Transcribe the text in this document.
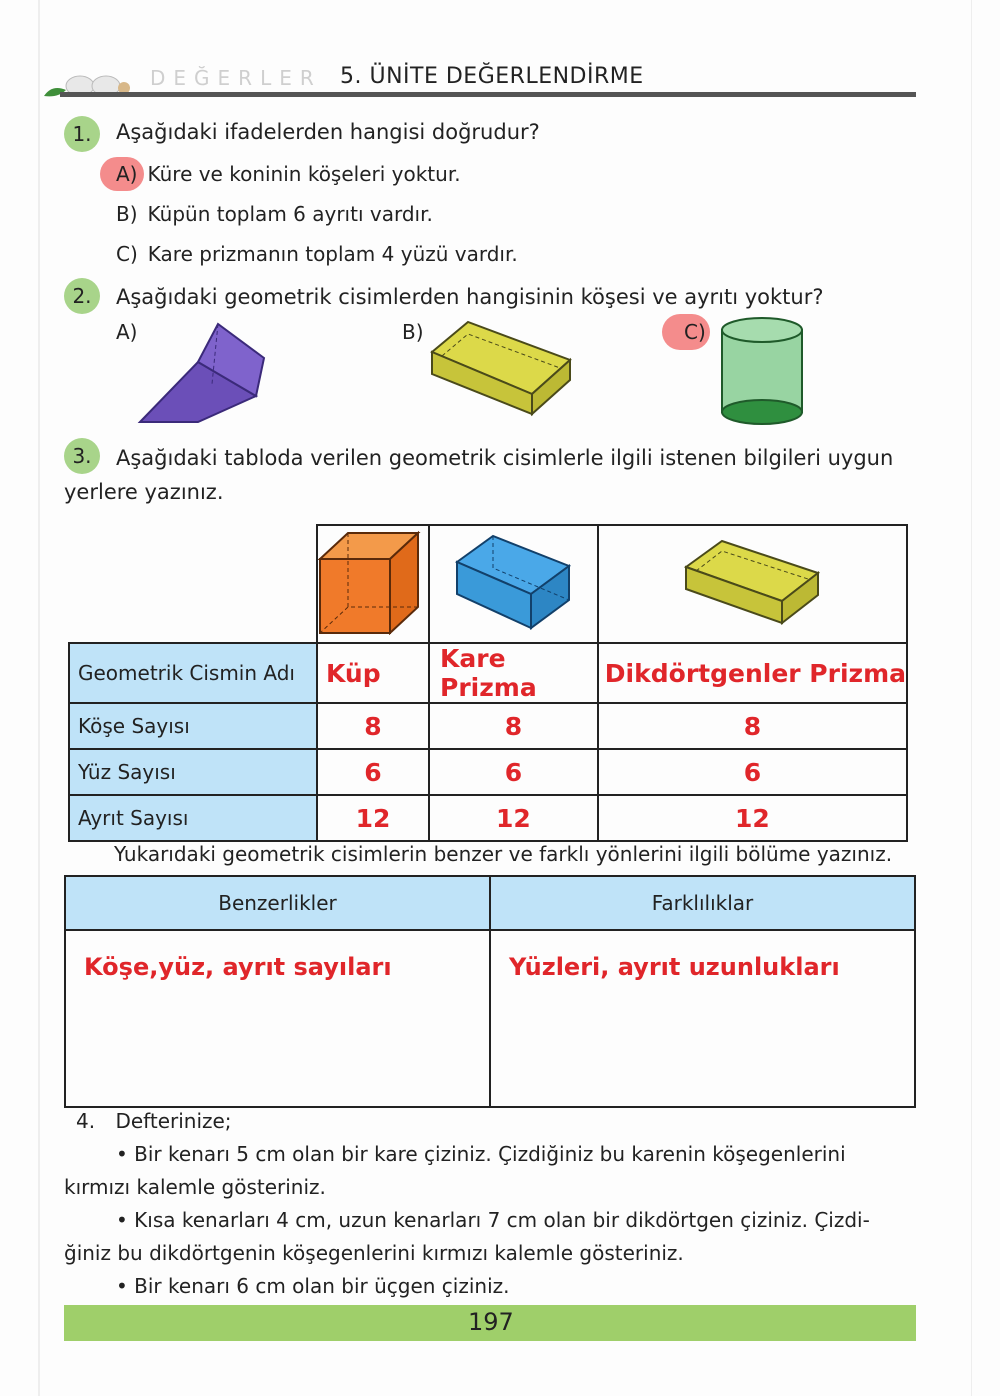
DEĞERLER 5. ÜNİTE DEĞERLENDİRME
1.	Aşağıdaki ifadelerden hangisi doğrudur?
A) Küre ve koninin köşeleri yoktur.
B) Küpün toplam 6 ayrıtı vardır.
C) Kare prizmanın toplam 4 yüzü vardır.
2.	Aşağıdaki geometrik cisimlerden hangisinin köşesi ve ayrıtı yoktur?
A)	B)	C)
3.	Aşağıdaki tabloda verilen geometrik cisimlerle ilgili istenen bilgileri uygun
yerlere yazınız.

Geometrik Cismin Adı	Küp	Kare Prizma	Dikdörtgenler Prizma
Köşe Sayısı	8	8	8
Yüz Sayısı	6	6	6
Ayrıt Sayısı	12	12	12
Yukarıdaki geometrik cisimlerin benzer ve farklı yönlerini ilgili bölüme yazınız.
Benzerlikler	Farklılıklar
Köşe,yüz, ayrıt sayıları	Yüzleri, ayrıt uzunlukları
4. Defterinize;
• Bir kenarı 5 cm olan bir kare çiziniz. Çizdiğiniz bu karenin köşegenlerini
kırmızı kalemle gösteriniz.
• Kısa kenarları 4 cm, uzun kenarları 7 cm olan bir dikdörtgen çiziniz. Çizdi-
ğiniz bu dikdörtgenin köşegenlerini kırmızı kalemle gösteriniz.
• Bir kenarı 6 cm olan bir üçgen çiziniz.
197
